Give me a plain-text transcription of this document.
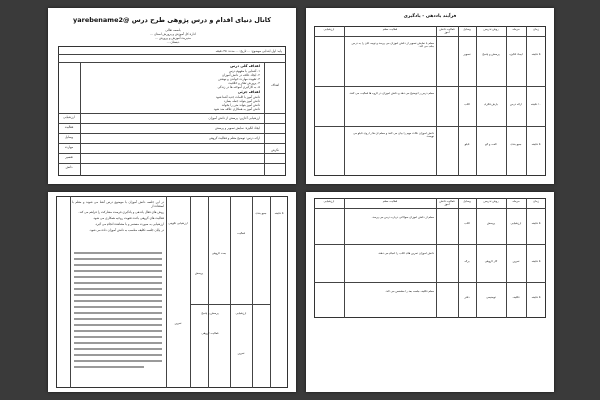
کانال دنیای اقدام و درس پژوهی طرح درس @yarebename2
باسمه تعالی
اداره کل آموزش و پرورش استان ...
مدیریت آموزش و پرورش ...
دبستان ...
پایه: اول ابتدایی موضوع: ... تاریخ: ... مدت: ۴۵ دقیقه
اهداف کلی درس
۱- آشنایی با مفهوم درس
۲- ایجاد علاقه در دانش آموزان
۳- تقویت مهارت خواندن و نوشتن
۴- پرورش تفکر و خلاقیت
۵- به کارگیری آموخته ها در زندگی
اهداف جزئی
دانش آموز با کلمات جدید آشنا شود
دانش آموز بتواند جمله بسازد
دانش آموز بتواند متن را بخواند
دانش آموز به همکاری علاقه مند شود
ارزشیابی آغازین: پرسش از دانش آموزان
ایجاد انگیزه: نمایش تصویر و پرسش
ارائه درس: توضیح معلم و فعالیت گروهی
اهداف
ارزشیابی
فعالیت
وسایل
مهارت
تفسیر
دانش
نگرش
فرآیند یاددهی - یادگیری
زمان
مرحله
روش تدریس
وسایل
فعالیت معلم
ارزشیابی	فعالیت دانش آموز
۵ دقیقه
ایجاد انگیزه
پرسش و پاسخ
تصویر
معلم با نمایش تصویر از دانش آموزان می پرسد و توجه آنان را به درس جلب می کند.
۱۰ دقیقه
ارائه درس
بارش فکری
کتاب
معلم درس را توضیح می دهد و دانش آموزان در گروه ها فعالیت می کنند.
۵ دقیقه
جمع بندی
گفت و گو
تابلو
دانش آموزان نکات مهم را بیان می کنند و معلم آن ها را روی تابلو می نویسد.
در این جلسه دانش آموزان با موضوع درس آشنا می شوند و معلم با استفاده از
روش های فعال یاددهی و یادگیری فرصت مشارکت را فراهم می کند.
فعالیت های گروهی باعث تقویت روحیه همکاری می شود.
ارزشیابی به صورت مستمر و با مشاهده انجام می گیرد.
در پایان جلسه تکلیف مناسب به دانش آموزان داده می شود.
۵ دقیقه
جمع بندی
فعالیت
بحث گروهی
پرسش
ارزشیابی تکوینی
تمرین
پرسش و پاسخ
فعالیت گروهی
ارزشیابی
تمرین
زمان
مرحله
روش تدریس
وسایل
فعالیت دانش آموز
فعالیت معلم
ارزشیابی
۵ دقیقه
ارزشیابی
پرسش
کتاب
معلم از دانش آموزان سوالاتی درباره درس می پرسد.
۵ دقیقه
تمرین
کار گروهی
برگه
دانش آموزان تمرین های کتاب را انجام می دهند.
۵ دقیقه
تکلیف
توضیحی
دفتر
معلم تکلیف جلسه بعد را مشخص می کند.
